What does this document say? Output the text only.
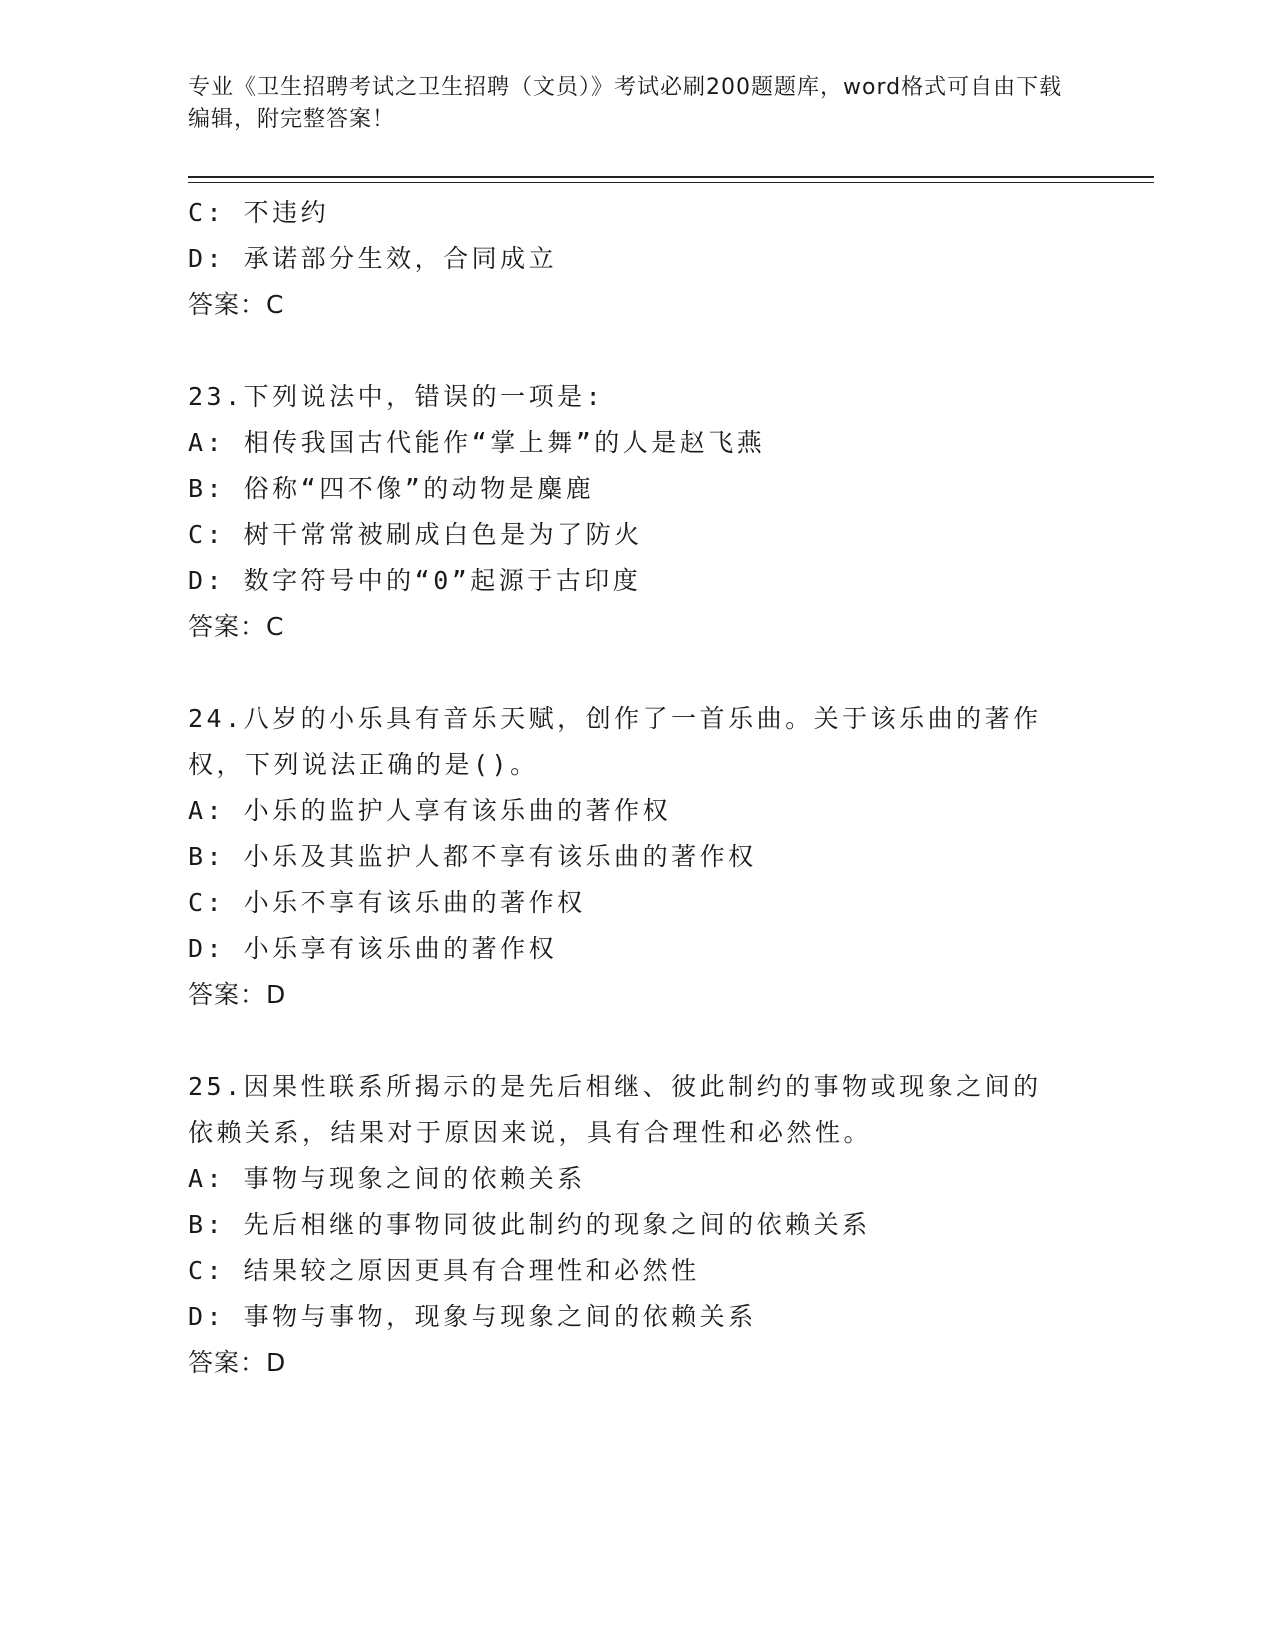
专业《卫生招聘考试之卫生招聘（文员）》考试必刷200题题库，word格式可自由下载编辑，附完整答案！
C: 不违约
D: 承诺部分生效，合同成立
答案：C
23.下列说法中，错误的一项是:
A: 相传我国古代能作“掌上舞”的人是赵飞燕
B: 俗称“四不像”的动物是麋鹿
C: 树干常常被刷成白色是为了防火
D: 数字符号中的“0”起源于古印度
答案：C
24.八岁的小乐具有音乐天赋，创作了一首乐曲。关于该乐曲的著作权，下列说法正确的是()。
A: 小乐的监护人享有该乐曲的著作权
B: 小乐及其监护人都不享有该乐曲的著作权
C: 小乐不享有该乐曲的著作权
D: 小乐享有该乐曲的著作权
答案：D
25.因果性联系所揭示的是先后相继、彼此制约的事物或现象之间的依赖关系，结果对于原因来说，具有合理性和必然性。
A: 事物与现象之间的依赖关系
B: 先后相继的事物同彼此制约的现象之间的依赖关系
C: 结果较之原因更具有合理性和必然性
D: 事物与事物，现象与现象之间的依赖关系
答案：D
